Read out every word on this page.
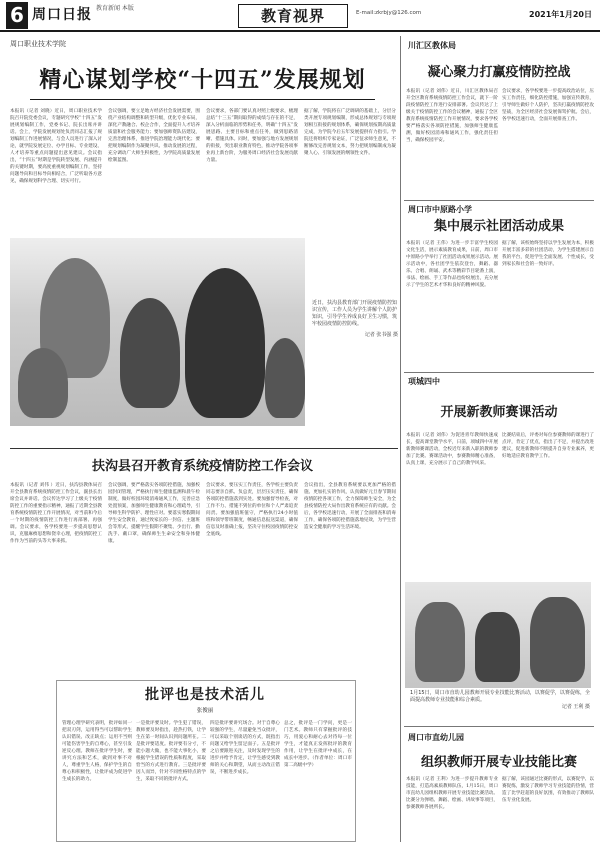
6 周口日报 教育新闻 本版	教育视界	E-mail:zkrbjy@126.com	2021年1月20日
周口职业技术学院
精心谋划学校“十四五”发展规划
本报讯（记者 刘晓）近日，周口职业技术学院召开院党委会议，专题研究学校“十四五”发展规划编制工作，党委书记、院长出席并讲话。会上，学院发展规划处负责同志汇报了规划编制工作进展情况，与会人员进行了深入讨论，就学院发展定位、办学目标、专业建设、人才培养等重点问题提出意见建议。会议指出，“十四五”时期是学院转型发展、内涵提升的关键时期，要高度重视规划编制工作，坚持问题导向和目标导向相结合，广泛听取各方意见，确保规划科学合理、切实可行。
会议强调，要立足地方经济社会发展需要，围绕产业结构调整和转型升级，优化专业布局，深化产教融合、校企合作，全面提升人才培养质量和社会服务能力；要加强师资队伍建设，完善治理体系，推进学院治理能力现代化；要把规划编制作为凝聚共识、推动发展的过程，充分调动广大师生积极性，为学院高质量发展绘制蓝图。
会议要求，各部门要认真对照上级要求，梳理总结“十三五”期间取得的成绩与存在的不足，深入分析面临的形势和任务，明确“十四五”发展思路、主要目标和重点任务，做到思路清晰、措施具体。同时，要加强与地方发展规划的衔接，突出职业教育特色，推动学院各项事业再上新台阶，为服务周口经济社会发展贡献力量。
据了解，学院将在广泛调研的基础上，分层分类开展专项规划编制，形成总体规划与专项规划相互衔接的规划体系，确保规划按期高质量完成，为学院今后五年发展提供有力指引。学院还将组织专家论证，广泛征求师生意见，不断修改完善规划文本，努力把规划编制成为凝聚人心、引领发展的纲领性文件。
近日，扶沟县教育部门开展疫情防控知识宣传，工作人员为学生讲解个人防护知识，引导学生养成良好卫生习惯，筑牢校园疫情防控防线。
记者 张书强 摄
扶沟县召开教育系统疫情防控工作会议
本报讯（记者 刘伟 ）近日，扶沟县教体局召开全县教育系统疫情防控工作会议，副县长出席会议并讲话。会议传达学习了上级关于疫情防控工作的重要指示精神，通报了近期全县教育系统疫情防控工作开展情况，对当前和今后一个时期的疫情防控工作进行再部署、再强调。会议要求，各学校要进一步提高思想认识，克服麻痹思想和侥幸心理，把疫情防控工作作为当前的头等大事来抓。
会议强调，要严格落实各项防控措施，加强校园封闭管理，严格执行师生健康监测和晨午检制度，做好校园环境消毒通风工作，完善应急处置预案，加强师生健康教育和心理疏导，引导师生科学防护、理性应对。要落实寒假期间学生安全教育，通过致家长的一封信、主题班会等形式，提醒学生假期不聚集、少出行、勤洗手、戴口罩，确保师生生命安全和身体健康。
会议要求，要压实工作责任，各学校主要负责同志要亲自抓、负总责，层层压实责任，确保各项防控措施落到实处。要加强督导检查，对工作不力、措施不到位的单位和个人严肃追责问责。要加强值班值守，严格执行24小时值班和领导带班制度，畅通信息报送渠道，确保信息及时准确上报，坚决守住校园疫情防控安全底线。
会议指出，全县教育系统要以更加严格的措施、更加扎实的作风，认真做好元旦春节期间疫情防控各项工作，全力保障师生安全，为全县疫情防控大局作出教育系统应有的贡献。会后，各学校迅速行动，开展了全面排查和消毒工作，确保各项防控措施落地见效，为学生营造安全健康的学习生活环境。
批评也是技术活儿
张俊丽
管理心理学研究表明，批评如同一把双刃剑，运用得当可以帮助学生认识错误、改正缺点；运用不当则可能伤害学生的自尊心，甚至引发逆反心理。教师在批评学生时，要讲究方法和艺术，做到对事不对人，尊重学生人格，保护学生的自尊心和积极性，让批评成为促进学生成长的助力。
一是批评要及时。学生犯了错误，教师要及时指出，趁热打铁，让学生在第一时间认识到问题所在。二是批评要适度。批评要有分寸，不能小题大做，也不能大事化小，要根据学生错误的性质和程度，采取恰当的方式进行教育。三是批评要因人而异，针对不同性格特点的学生，采取不同的批评方式。
四是批评要讲究场合。对于自尊心较强的学生，尽量避免当众批评，可以采取个别谈话的方式，既指出问题又给学生留足面子。五是批评之后要跟进关注，及时发现学生的进步并给予肯定，让学生感受到教师的关心和期望，从而主动改正错误，不断进步成长。
总之，批评是一门学问，更是一门艺术。教师只有掌握批评的技巧，用爱心和耐心去对待每一位学生，才能真正发挥批评的教育作用，让学生在批评中成长，在成长中进步。（作者单位：周口市第二高级中学）
川汇区教体局
凝心聚力打赢疫情防控战
本报讯（记者 刘伟）近日，川汇区教体局召开全区教育系统疫情防控工作会议，就下一阶段疫情防控工作进行安排部署。会议传达了上级关于疫情防控工作的会议精神，通报了全区教育系统疫情防控工作开展情况，要求各学校要严格落实各项防控措施，加强师生健康监测，做好校园消毒和通风工作，强化责任担当，确保校园平安。
会议要求，各学校要进一步提高政治站位，压实工作责任，细化防控措施，加强宣传教育，引导师生做好个人防护，坚决打赢疫情防控攻坚战，为全区经济社会发展保驾护航。会后，各学校迅速行动，全面开展排查工作。
周口市中原路小学
集中展示社团活动成果
本报讯（记者 王伟）为进一步丰富学生校园文化生活，展示素质教育成果，日前，周口市中原路小学举行了社团活动成果展示活动。展示活动中，各社团学生依次登台，舞蹈、器乐、合唱、朗诵、武术等精彩节目轮番上演，书法、绘画、手工等作品也纷纷展出，充分展示了学生的艺术才华和良好的精神风貌。
据了解，该校始终坚持以学生发展为本，积极开展丰富多彩的社团活动，为学生搭建展示自我的平台，促进学生全面发展、个性成长，受到家长和社会的一致好评。
项城四中
开展新教师赛课活动
本报讯（记者 刘伟）为促进青年教师快速成长，提高课堂教学水平，日前，项城四中开展新教师赛课活动，全校近年来新入职的教师参加了比赛。赛课活动中，参赛教师精心准备，认真上课，充分展示了自己的教学风采。
比赛结束后，评委对每位参赛教师的课进行了点评，肯定了优点，指出了不足，并提出改进建议，促进新教师不断提升自身专业素养，更好地适应教育教学工作。
1月15日，周口市直幼儿园教师开展专业技能比赛活动，以赛促学，以赛促练，全面提高教师专业技能和综合素质。
记者 王利 摄
周口市直幼儿园
组织教师开展专业技能比赛
本报讯（记者 王利）为进一步提升教师专业技能，打造高素质教师队伍，1月15日，周口市直幼儿园组织教师开展专业技能比赛活动。比赛分为弹唱、舞蹈、绘画、讲故事等项目，参赛教师各展所长。
据了解，该园通过比赛的形式，以赛促学、以赛促练，激发了教师学习专业技能的热情，营造了比学赶超的良好氛围，有效推动了教师队伍专业化发展。
